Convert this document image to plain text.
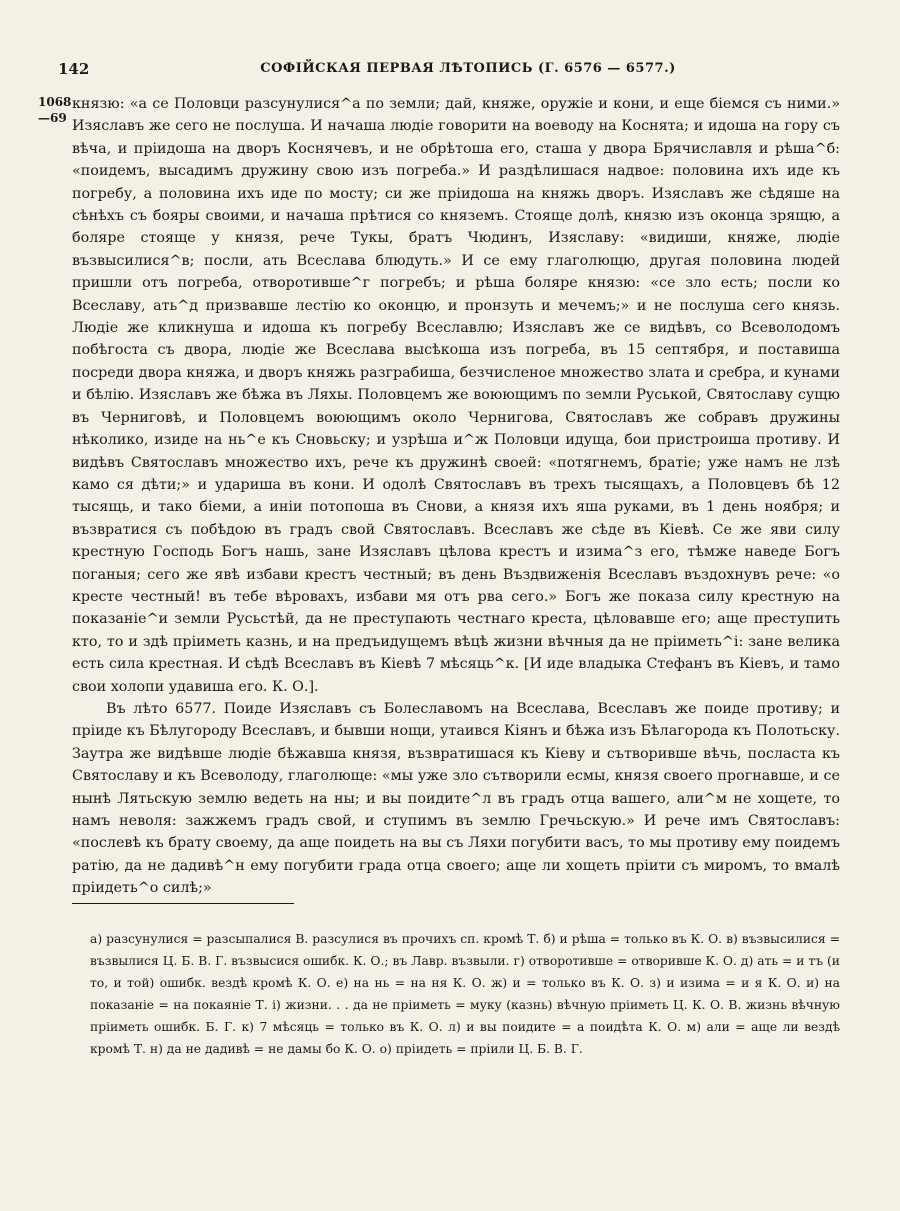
142	СОФІЙСКАЯ ПЕРВАЯ ЛѢТОПИСЬ (Г. 6576 — 6577.)
1068
—69

князю: «а се Половци разсунулися^а по земли; дай, княже, оружіе и кони, и еще біемся съ ними.» Изяславъ же сего не послуша. И начаша людіе говорити на воеводу на Коснята; и идоша на гору съ вѣча, и пріидоша на дворъ Коснячевъ, и не обрѣтоша его, сташа у двора Брячиславля и рѣша^б: «поидемъ, высадимъ дружину свою изъ погреба.» И раздѣлишася надвое: половина ихъ иде къ погребу, а половина ихъ иде по мосту; си же пріидоша на княжь дворъ. Изяславъ же сѣдяше на сѣнѣхъ съ бояры своими, и начаша прѣтися со княземъ. Стояще долѣ, князю изъ оконца зрящю, а боляре стояще у князя, рече Тукы, братъ Чюдинъ, Изяславу: «видиши, княже, людіе възвысилися^в; посли, ать Всеслава блюдуть.» И се ему глаголющю, другая половина людей пришли отъ погреба, отворотивше^г погребъ; и рѣша боляре князю: «се зло есть; посли ко Всеславу, ать^д призвавше лестію ко оконцю, и пронзуть и мечемъ;» и не послуша сего князь. Людіе же кликнуша и идоша къ погребу Всеславлю; Изяславъ же се видѣвъ, со Всеволодомъ побѣгоста съ двора, людіе же Всеслава высѣкоша изъ погреба, въ 15 септября, и поставиша посреди двора княжа, и дворъ княжь разграбиша, безчисленое множество злата и сребра, и кунами и бѣлію. Изяславъ же бѣжа въ Ляхы. Половцемъ же воюющимъ по земли Руськой, Святославу сущю въ Черниговѣ, и Половцемъ воюющимъ около Чернигова, Святославъ же собравъ дружины нѣколико, изиде на нь^е къ Сновьску; и узрѣша и^ж Половци идуща, бои пристроиша противу. И видѣвъ Святославъ множество ихъ, рече къ дружинѣ своей: «потягнемъ, братіе; уже намъ не лзѣ камо ся дѣти;» и удариша въ кони. И одолѣ Святославъ въ трехъ тысящахъ, а Половцевъ бѣ 12 тысящь, и тако біеми, а иніи потопоша въ Снови, а князя ихъ яша руками, въ 1 день ноября; и възвратися съ побѣдою въ градъ свой Святославъ. Всеславъ же сѣде въ Кіевѣ. Се же яви силу крестную Господь Богъ нашь, зане Изяславъ цѣлова крестъ и изима^з его, тѣмже наведе Богъ поганыя; сего же явѣ избави крестъ честный; въ день Въздвиженія Всеславъ въздохнувъ рече: «о кресте честный! въ тебе вѣровахъ, избави мя отъ рва сего.» Богъ же показа силу крестную на показаніе^и земли Русьстѣй, да не преступають честнаго креста, цѣловавше его; аще преступить кто, то и здѣ пріиметь казнь, и на предъидущемъ вѣцѣ жизни вѣчныя да не пріиметь^і: зане велика есть сила крестная. И сѣдѣ Всеславъ въ Кіевѣ 7 мѣсяць^к. [И иде владыка Стефанъ въ Кіевъ, и тамо свои холопи удавиша его. К. О.].

Въ лѣто 6577. Поиде Изяславъ съ Болеславомъ на Всеслава, Всеславъ же поиде противу; и пріиде къ Бѣлугороду Всеславъ, и бывши нощи, утаився Кіянъ и бѣжа изъ Бѣлагорода къ Полотьску. Заутра же видѣвше людіе бѣжавша князя, възвратишася къ Кіеву и сътворивше вѣчь, посласта къ Святославу и къ Всеволоду, глаголюще: «мы уже зло сътворили есмы, князя своего прогнавше, и се нынѣ Лятьскую землю ведеть на ны; и вы поидите^л въ градъ отца вашего, али^м не хощете, то намъ неволя: зажжемъ градъ свой, и ступимъ въ землю Гречьскую.» И рече имъ Святославъ: «послевѣ къ брату своему, да аще поидеть на вы съ Ляхи погубити васъ, то мы противу ему поидемъ ратію, да не дадивѣ^н ему погубити града отца своего; аще ли хощеть пріити съ миромъ, то вмалѣ пріидеть^о силѣ;»

а) разсунулися = разсыпалися В. разсулися въ прочихъ сп. кромѣ Т. б) и рѣша = только въ К. О. в) възвысилися = възвылися Ц. Б. В. Г. възвысися ошибк. К. О.; въ Лавр. възвыли. г) отворотивше = отворивше К. О. д) ать = и тъ (и то, и той) ошибк. вездѣ кромѣ К. О. е) на нь = на ня К. О. ж) и = только въ К. О. з) и изима = и я К. О. и) на показаніе = на покаяніе Т. і) жизни. . . да не пріиметь = муку (казнь) вѣчную пріиметь Ц. К. О. В. жизнь вѣчную пріиметь ошибк. Б. Г. к) 7 мѣсяць = только въ К. О. л) и вы поидите = а поидѣта К. О. м) али = аще ли вездѣ кромѣ Т. н) да не дадивѣ = не дамы бо К. О. о) пріидеть = пріили Ц. Б. В. Г.
